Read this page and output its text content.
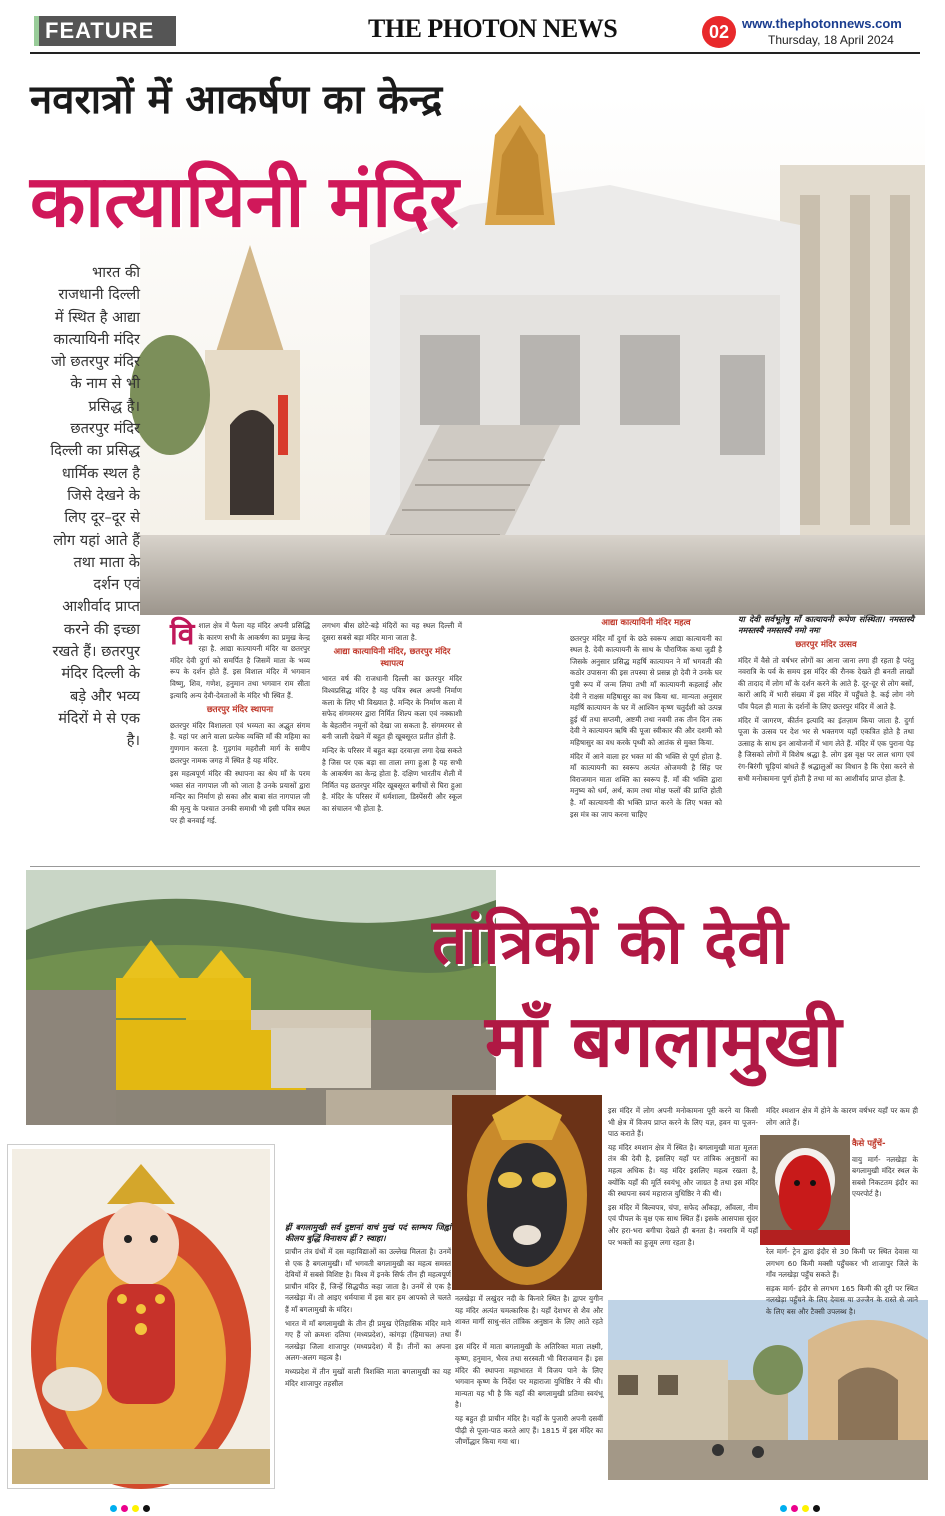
FEATURE	THE PHOTON NEWS	02 www.thephotonnews.com
Thursday, 18 April 2024
नवरात्रों में आकर्षण का केन्द्र
कात्यायिनी मंदिर
भारत की राजधानी दिल्ली में स्थित है आद्या कात्यायिनी मंदिर जो छतरपुर मंदिर के नाम से भी प्रसिद्ध है। छतरपुर मंदिर दिल्ली का प्रसिद्ध धार्मिक स्थल है जिसे देखने के लिए दूर–दूर से लोग यहां आते हैं तथा माता के दर्शन एवं आशीर्वाद प्राप्त करने की इच्छा रखते हैं। छतरपुर मंदिर दिल्ली के बड़े और भव्य मंदिरों मे से एक है।

विशाल क्षेत्र में फैला यह मंदिर अपनी प्रसिद्धि के कारण सभी के आकर्षण का प्रमुख केन्द्र रहा है. आद्या कात्यायनी मंदिर या छतरपुर मंदिर देवी दुर्गा को समर्पित है जिसमें माता के भव्य रूप के दर्शन होते हैं. इस विशाल मंदिर में भगवान विष्णु, शिव, गणेश, हनुमान तथा भगवान राम सीता इत्यादि अन्य देवी-देवताओं के मंदिर भी स्थित हैं.

छतरपुर मंदिर स्थापना

छतरपुर मंदिर विशालता एवं भव्यता का अद्भुत संगम है. यहां पर आने वाला प्रत्येक व्यक्ति माँ की महिमा का गुणगान करता है. गुड़गांव महरौली मार्ग के समीप छतरपुर नामक जगह में स्थित है यह मंदिर.

इस महत्वपूर्ण मंदिर की स्थापना का श्रेय माँ के परम भक्त संत नागपाल जी को जाता है उनके प्रयासों द्वारा मन्दिर का निर्माण हो सका और बाबा संत नागपाल जी की मृत्यु के पश्चात उनकी समाधी भी इसी पवित्र स्थल पर ही बनवाई गई.

लगभग बीस छोटे-बड़े मंदिरों का यह स्थल दिल्ली में दूसरा सबसे बड़ा मंदिर माना जाता है.

आद्या कात्यायिनी मंदिर, छतरपुर मंदिर स्थापत्य

भारत वर्ष की राजधानी दिल्ली का छतरपुर मंदिर विश्वप्रसिद्ध मंदिर है यह पवित्र स्थल अपनी निर्माण कला के लिए भी विख्यात है. मन्दिर के निर्माण कला में सफेद संगमरमर द्वारा निर्मित शिल्प कला एवं नक्काशी के बेहतरीन नमूनों को देखा जा सकता है. संगमरमर से बनी जाली देखने में बहुत ही खूबसूरत प्रतीत होती है.

मन्दिर के परिसर में बहुत बड़ा दरवाज़ा लगा देख सकते है जिस पर एक बड़ा सा ताला लगा हुआ है यह सभी के आकर्षण का केन्द्र होता है. दक्षिण भारतीय शैली में निर्मित यह छतरपुर मंदिर खूबसूरत बगीचों से घिरा हुआ है. मंदिर के परिसर में धर्मशाला, डिस्पेंसरी और स्कूल का संचालन भी होता है.

आद्या कात्यायिनी मंदिर महत्व

छतरपुर मंदिर माँ दुर्गा के छठे स्वरूप आद्या कात्यायनी का स्थल है. देवी कात्यायनी के साथ के पौराणिक कथा जुडी है जिसके अनुसार प्रसिद्ध महर्षि कात्यायन ने माँ भगवती की कठोर उपासना की इस तपस्या से प्रसन्न हो देवी ने उनके घर पुत्री रूप में जन्म लिया तभी माँ कात्यायनी कहलाई और देवी ने राक्षस महिषासुर का वध किया था. मान्यता अनुसार महर्षि कात्यायन के घर में आश्विन कृष्ण चतुर्दशी को उत्पन्न हुई थीं तथा सप्तमी, अष्टमी तथा नवमी तक तीन दिन तक देवी ने कात्यायन ऋषि की पूजा स्वीकार की और दशमी को महिषासुर का वध करके पृथ्वी को आतंक से मुक्त किया.

मंदिर में आने वाला हर भक्त मां की भक्ति से पूर्ण होता है. माँ कात्यायनी का स्वरूप अत्यंत ओजमयी है सिंह पर विराजमान माता शक्ति का स्वरूप हैं. माँ की भक्ति द्वारा मनुष्य को धर्म, अर्थ, काम तथा मोक्ष फलों की प्राप्ति होती है. माँ कात्यायनी की भक्ति प्राप्त करने के लिए भक्त को इस मंत्र का जाप करना चाहिए

या देवी सर्वभूतेषु माँ कात्यायनी रूपेण संस्थिता। नमस्तस्यै नमस्तस्यै नमस्तस्यै नमो नमः

छतरपुर मंदिर उत्सव

मंदिर में वैसे तो वर्षभर लोगों का आना जाना लगा ही रहता है परंतु नवरात्रि के पर्व के समय इस मंदिर की रौनक देखते ही बनती लाखों की तादाद में लोग माँ के दर्शन करने के आते है. दूर-दूर से लोग बसों, कारों आदि में भारी संख्या में इस मंदिर में पहुँचते है. कई लोग नंगे पाँव पैदल ही माता के दर्शनों के लिए छतरपुर मंदिर में आते है.

मंदिर में जागरण, कीर्तन इत्यादि का इंतज़ाम किया जाता है. दुर्गा पूजा के उत्सव पर देश भर से भक्तगण यहाँ एकत्रित होते है तथा उत्साह के साथ इन आयोजनों में भाग लेते हैं. मंदिर में एक पुराना पेड़ है जिसको लोगों में विशेष श्रद्धा है. लोग इस वृक्ष पर लाल धागा एवं रंग-बिरंगी चूड़ियां बांधते हैं श्रद्धालुओं का विधान है कि ऐसा करने से सभी मनोकामना पूर्ण होती है तथा मां का आशीर्वाद प्राप्त होता है.

तांत्रिकों की देवी
माँ बगलामुखी

ह्रीं बगलामुखी सर्व दुष्टानां वाचं मुखं पदं स्तम्भय जिह्वां कीलय बुद्धिं विनाशय ह्रीं ? स्वाहा।

प्राचीन तंत्र ग्रंथों में दस महाविद्याओं का उल्लेख मिलता है। उनमें से एक है बगलामुखी। माँ भगवती बगलामुखी का महत्व समस्त देवियों में सबसे विशिष्ट है। विश्व में इनके सिर्फ तीन ही महत्वपूर्ण प्राचीन मंदिर हैं, जिन्हें सिद्धपीठ कहा जाता है। उनमें से एक है नलखेड़ा में। तो आइए धर्मयात्रा में इस बार हम आपको ले चलते हैं माँ बगलामुखी के मंदिर।

भारत में माँ बगलामुखी के तीन ही प्रमुख ऐतिहासिक मंदिर माने गए हैं जो क्रमशः दतिया (मध्यप्रदेश), कांगड़ा (हिमाचल) तथा नलखेड़ा जिला शाजापुर (मध्यप्रदेश) में हैं। तीनों का अपना अलग-अलग महत्व है।

मध्यप्रदेश में तीन मुखों वाली त्रिशक्ति माता बगलामुखी का यह मंदिर शाजापुर तहसील

नलखेड़ा में लखुंदर नदी के किनारे स्थित है। द्वापर युगीन यह मंदिर अत्यंत चमत्कारिक है। यहाँ देशभर से शैव और शाक्त मार्गी साधु-संत तांत्रिक अनुष्ठान के लिए आते रहते हैं।

इस मंदिर में माता बगलामुखी के अतिरिक्त माता लक्ष्मी, कृष्ण, हनुमान, भैरव तथा सरस्वती भी विराजमान हैं। इस मंदिर की स्थापना महाभारत में विजय पाने के लिए भगवान कृष्ण के निर्देश पर महाराजा युधिष्ठिर ने की थी। मान्यता यह भी है कि यहाँ की बगलामुखी प्रतिमा स्वयंभू है।

यह बहुत ही प्राचीन मंदिर है। यहाँ के पुजारी अपनी दसवीं पीढ़ी से पूजा-पाठ करते आए हैं। 1815 में इस मंदिर का जीर्णोद्धार किया गया था।

इस मंदिर में लोग अपनी मनोकामना पूरी करने या किसी भी क्षेत्र में विजय प्राप्त करने के लिए यज्ञ, हवन या पूजन-पाठ कराते हैं।

यह मंदिर श्मशान क्षेत्र में स्थित है। बगलामुखी माता मूलतः तंत्र की देवी है, इसलिए यहाँ पर तांत्रिक अनुष्ठानों का महत्व अधिक है। यह मंदिर इसलिए महत्व रखता है, क्योंकि यहाँ की मूर्ति स्वयंभू और जाग्रत है तथा इस मंदिर की स्थापना स्वयं महाराज युधिष्ठिर ने की थी।

इस मंदिर में बिल्वपत्र, चंपा, सफेद आँकड़ा, आँवला, नीम एवं पीपल के वृक्ष एक साथ स्थित हैं। इसके आसपास सुंदर और हरा-भरा बगीचा देखते ही बनता है। नवरात्रि में यहाँ पर भक्तों का हुजूम लगा रहता है।

मंदिर श्मशान क्षेत्र में होने के कारण वर्षभर यहाँ पर कम ही लोग आते हैं।

कैसे पहुँचें-

वायु मार्ग- नलखेड़ा के बगलामुखी मंदिर स्थल के सबसे निकटतम इंदौर का एयरपोर्ट है।

रेल मार्ग- ट्रेन द्वारा इंदौर से 30 किमी पर स्थित देवास या लगभग 60 किमी मक्सी पहुँचकर भी शाजापुर जिले के गाँव नलखेड़ा पहुँच सकते हैं।

सड़क मार्ग- इंदौर से लगभग 165 किमी की दूरी पर स्थित नलखेड़ा पहुँचने के लिए देवास या उज्जैन के रास्ते से जाने के लिए बस और टैक्सी उपलब्ध है।
